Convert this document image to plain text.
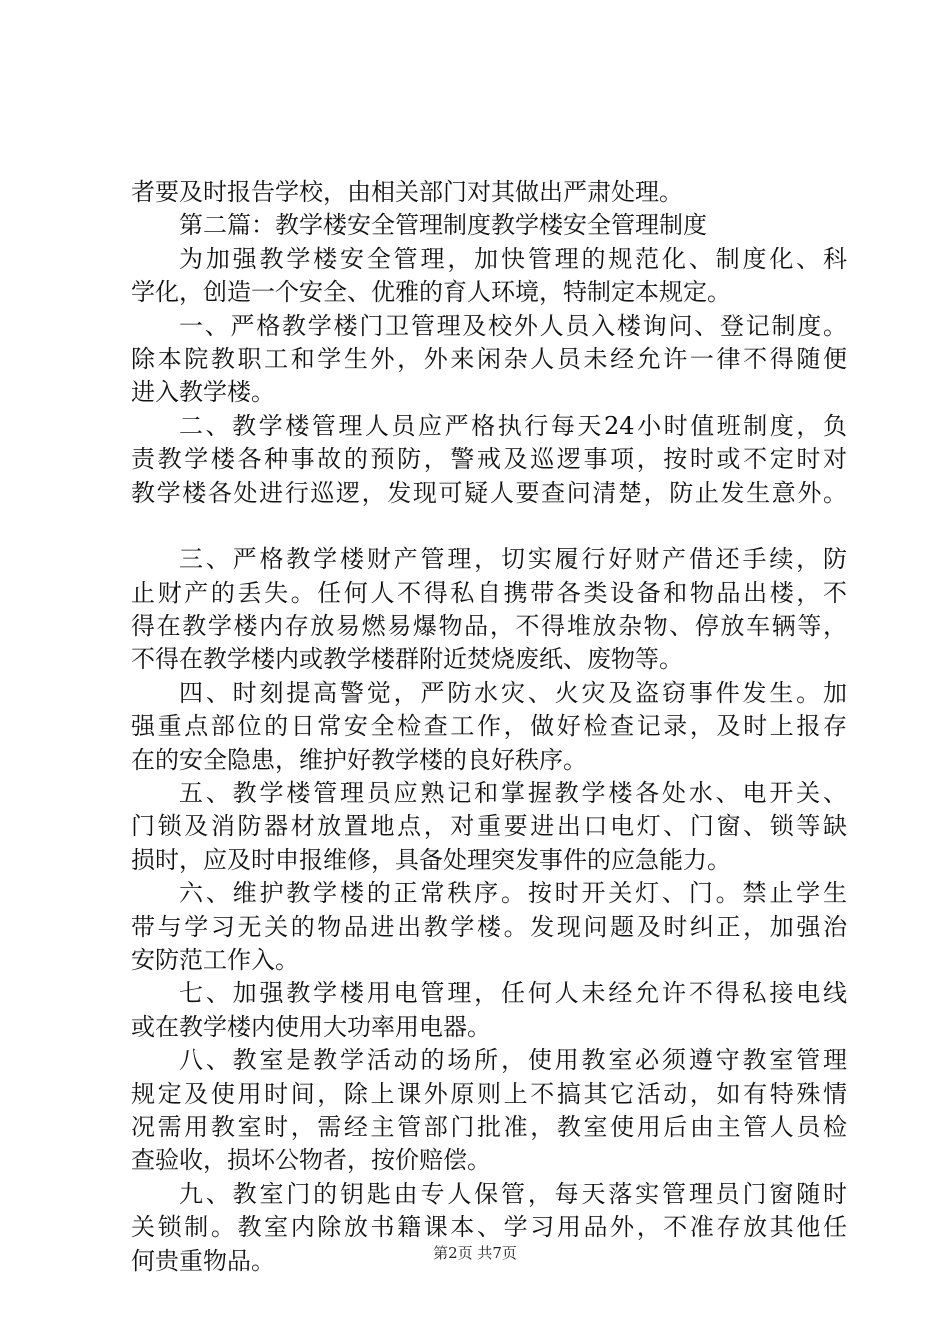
者要及时报告学校，由相关部门对其做出严肃处理。
第二篇：教学楼安全管理制度教学楼安全管理制度
为加强教学楼安全管理，加快管理的规范化、制度化、科
学化，创造一个安全、优雅的育人环境，特制定本规定。
一、严格教学楼门卫管理及校外人员入楼询问、登记制度。
除本院教职工和学生外，外来闲杂人员未经允许一律不得随便
进入教学楼。
二、教学楼管理人员应严格执行每天24小时值班制度，负
责教学楼各种事故的预防，警戒及巡逻事项，按时或不定时对
教学楼各处进行巡逻，发现可疑人要查问清楚，防止发生意外。
三、严格教学楼财产管理，切实履行好财产借还手续，防
止财产的丢失。任何人不得私自携带各类设备和物品出楼，不
得在教学楼内存放易燃易爆物品，不得堆放杂物、停放车辆等，
不得在教学楼内或教学楼群附近焚烧废纸、废物等。
四、时刻提高警觉，严防水灾、火灾及盗窃事件发生。加
强重点部位的日常安全检查工作，做好检查记录，及时上报存
在的安全隐患，维护好教学楼的良好秩序。
五、教学楼管理员应熟记和掌握教学楼各处水、电开关、
门锁及消防器材放置地点，对重要进出口电灯、门窗、锁等缺
损时，应及时申报维修，具备处理突发事件的应急能力。
六、维护教学楼的正常秩序。按时开关灯、门。禁止学生
带与学习无关的物品进出教学楼。发现问题及时纠正，加强治
安防范工作入。
七、加强教学楼用电管理，任何人未经允许不得私接电线
或在教学楼内使用大功率用电器。
八、教室是教学活动的场所，使用教室必须遵守教室管理
规定及使用时间，除上课外原则上不搞其它活动，如有特殊情
况需用教室时，需经主管部门批准，教室使用后由主管人员检
查验收，损坏公物者，按价赔偿。
九、教室门的钥匙由专人保管，每天落实管理员门窗随时
关锁制。教室内除放书籍课本、学习用品外，不准存放其他任
何贵重物品。	第2页 共7页
